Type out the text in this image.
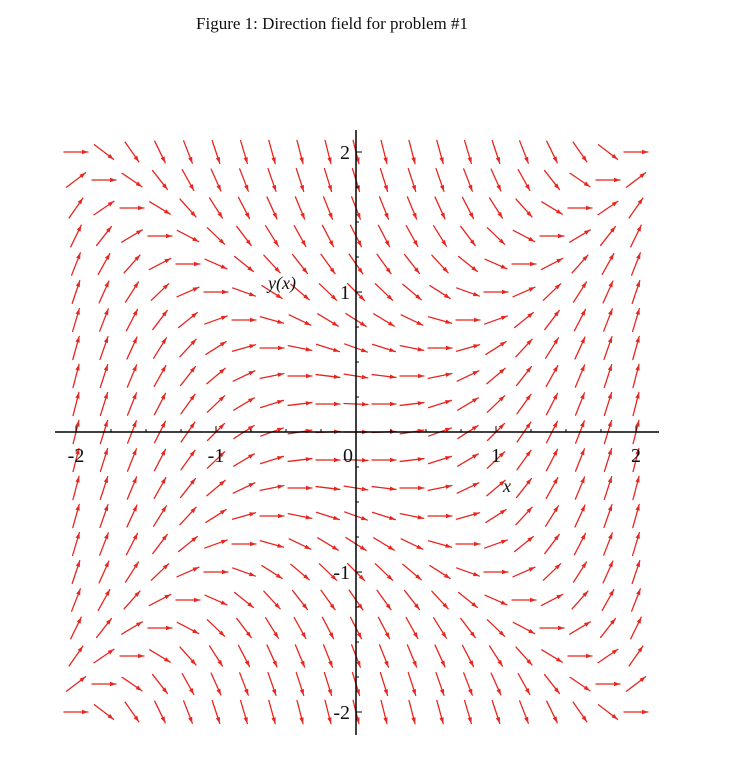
Figure 1: Direction field for problem #1
-2	-1	0	1	2
-2
-1
1
2
x
y(x)
